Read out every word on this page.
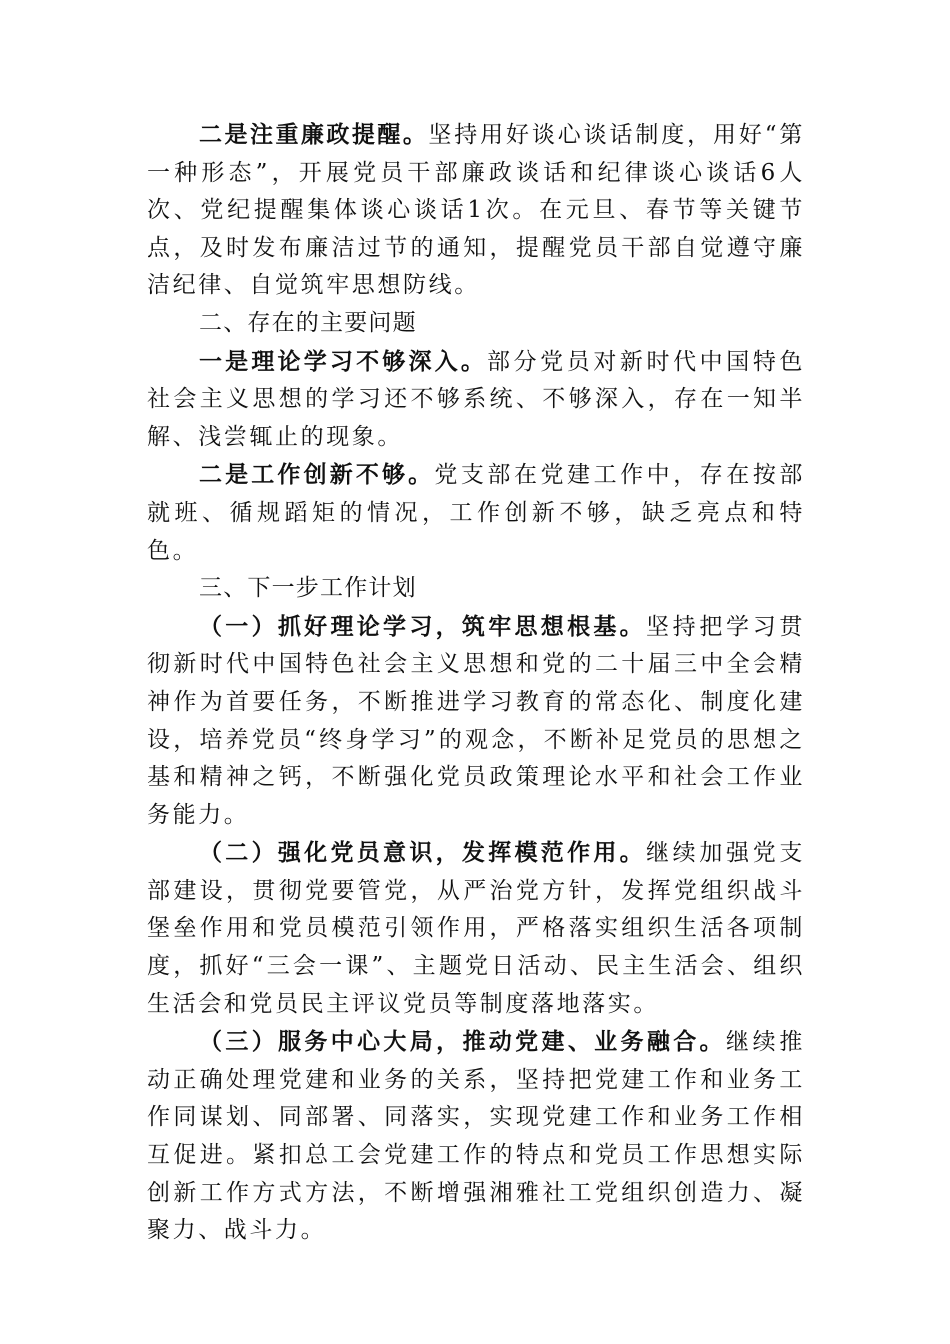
二是注重廉政提醒。坚持用好谈心谈话制度，用好“第一种形态”，开展党员干部廉政谈话和纪律谈心谈话6人次、党纪提醒集体谈心谈话1次。在元旦、春节等关键节点，及时发布廉洁过节的通知，提醒党员干部自觉遵守廉洁纪律、自觉筑牢思想防线。

二、存在的主要问题

一是理论学习不够深入。部分党员对新时代中国特色社会主义思想的学习还不够系统、不够深入，存在一知半解、浅尝辄止的现象。

二是工作创新不够。党支部在党建工作中，存在按部就班、循规蹈矩的情况，工作创新不够，缺乏亮点和特色。

三、下一步工作计划

（一）抓好理论学习，筑牢思想根基。坚持把学习贯彻新时代中国特色社会主义思想和党的二十届三中全会精神作为首要任务，不断推进学习教育的常态化、制度化建设，培养党员“终身学习”的观念，不断补足党员的思想之基和精神之钙，不断强化党员政策理论水平和社会工作业务能力。

（二）强化党员意识，发挥模范作用。继续加强党支部建设，贯彻党要管党，从严治党方针，发挥党组织战斗堡垒作用和党员模范引领作用，严格落实组织生活各项制度，抓好“三会一课”、主题党日活动、民主生活会、组织生活会和党员民主评议党员等制度落地落实。

（三）服务中心大局，推动党建、业务融合。继续推动正确处理党建和业务的关系，坚持把党建工作和业务工作同谋划、同部署、同落实，实现党建工作和业务工作相互促进。紧扣总工会党建工作的特点和党员工作思想实际创新工作方式方法，不断增强湘雅社工党组织创造力、凝聚力、战斗力。
